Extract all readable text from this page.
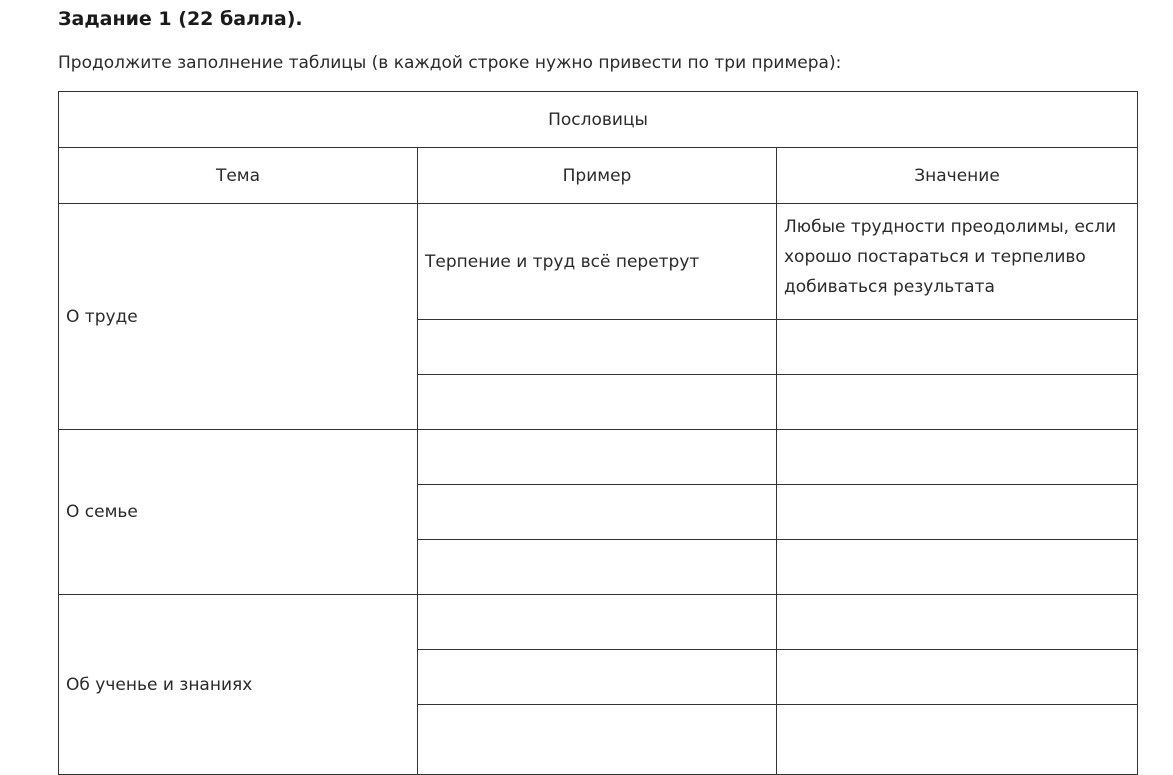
Задание 1 (22 балла).
Продолжите заполнение таблицы (в каждой строке нужно привести по три примера):
Пословицы		
Тема	Пример	Значение
О труде	Терпение и труд всё перетрут	Любые трудности преодолимы, если хорошо постараться и терпеливо добиваться результата

О семье		

Об ученье и знаниях		
